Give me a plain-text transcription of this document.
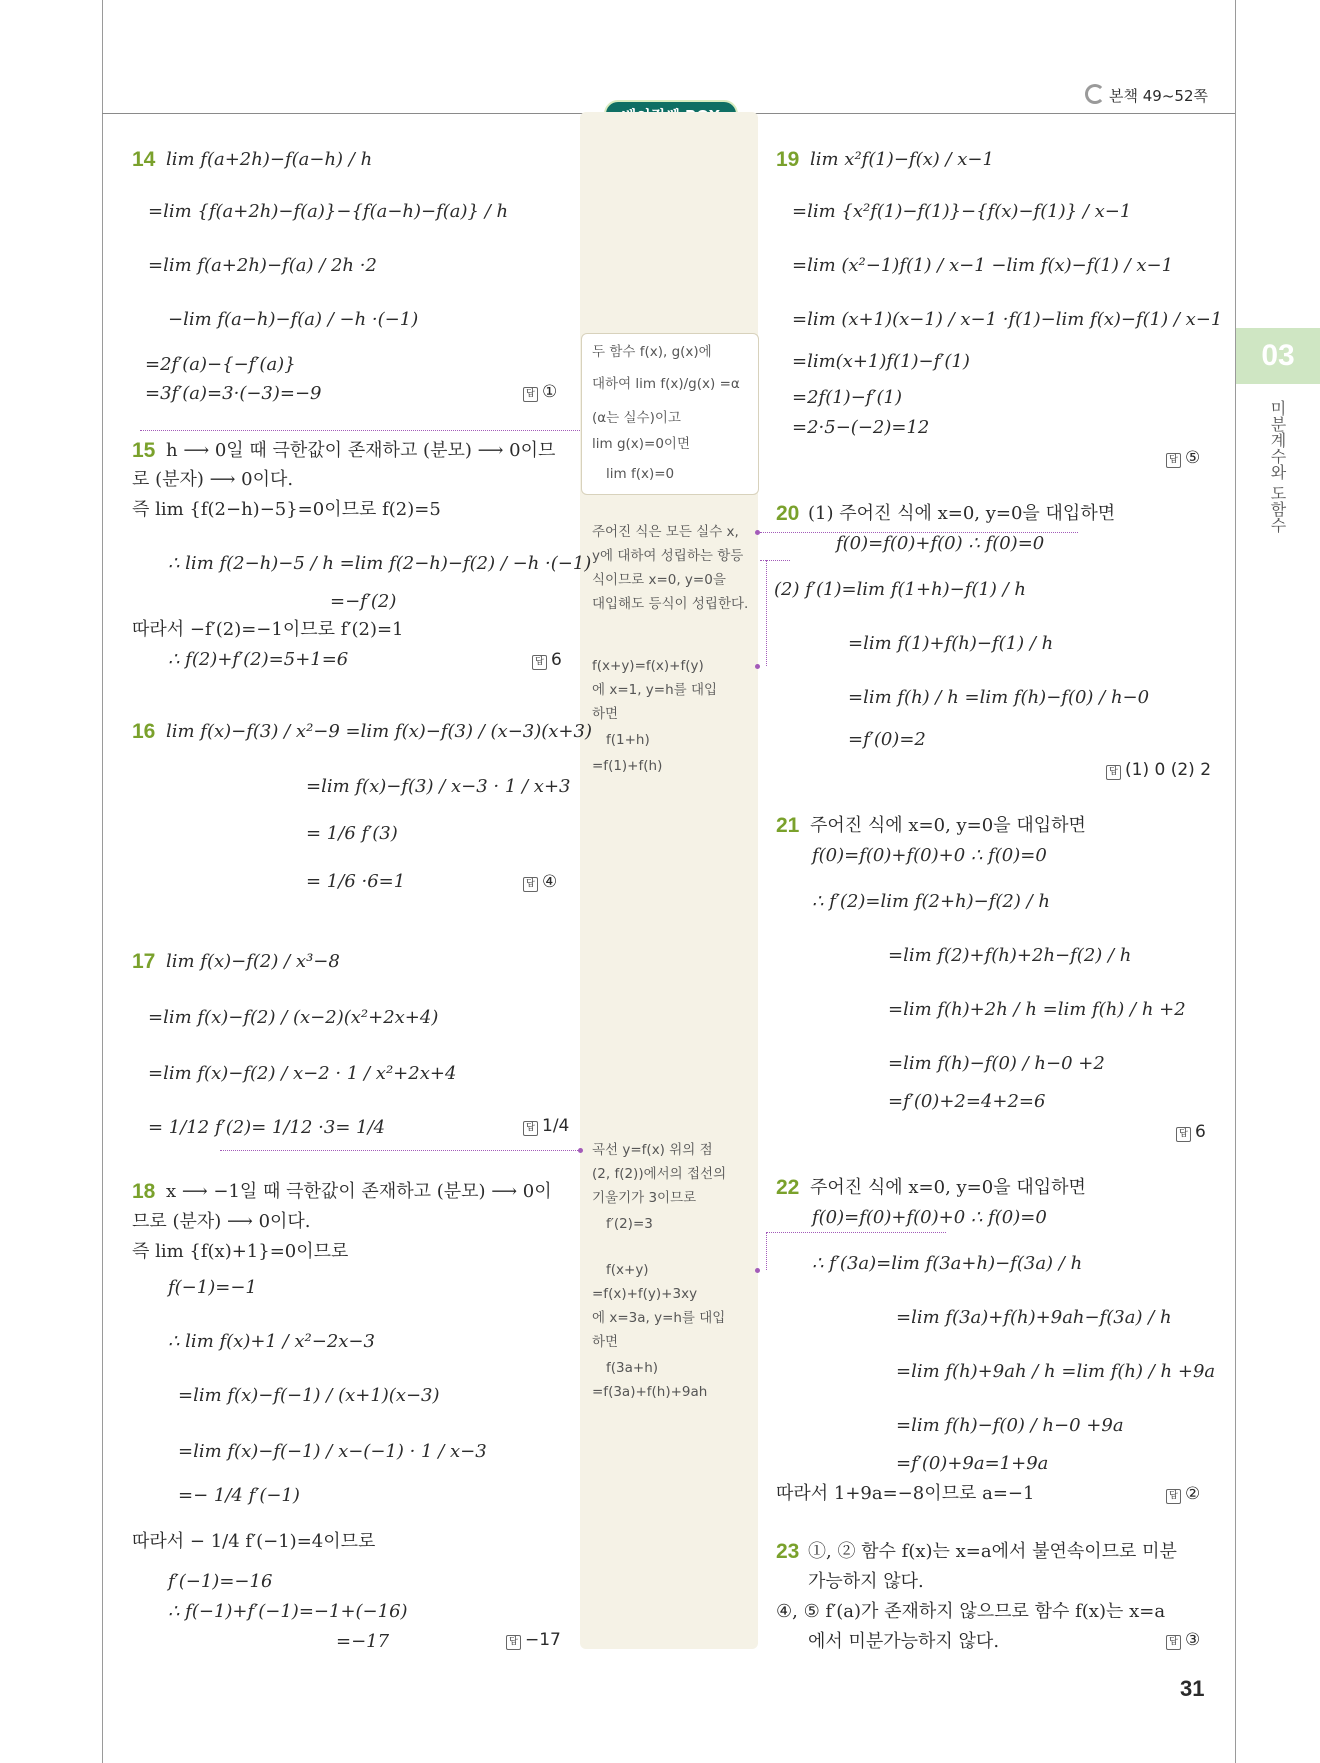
본책 49~52쪽
03
미분계수와 도함수
31
14 lim f(a+2h)−f(a−h) / h
=lim {f(a+2h)−f(a)}−{f(a−h)−f(a)} / h
=lim f(a+2h)−f(a) / 2h ·2
−lim f(a−h)−f(a) / −h ·(−1)
=2f′(a)−{−f′(a)}
=3f′(a)=3·(−3)=−9	답 ①
15 h ⟶ 0일 때 극한값이 존재하고 (분모) ⟶ 0이므
로 (분자) ⟶ 0이다.
즉 lim {f(2−h)−5}=0이므로 f(2)=5
∴ lim f(2−h)−5 / h =lim f(2−h)−f(2) / −h ·(−1)
=−f′(2)
따라서 −f′(2)=−1이므로 f′(2)=1
∴ f(2)+f′(2)=5+1=6	답 6
16 lim f(x)−f(3) / x²−9 =lim f(x)−f(3) / (x−3)(x+3)
=lim f(x)−f(3) / x−3 · 1 / x+3
= 1/6 f′(3)
= 1/6 ·6=1	답 ④
17 lim f(x)−f(2) / x³−8
=lim f(x)−f(2) / (x−2)(x²+2x+4)
=lim f(x)−f(2) / x−2 · 1 / x²+2x+4
= 1/12 f′(2)= 1/12 ·3= 1/4	답 1/4
18 x ⟶ −1일 때 극한값이 존재하고 (분모) ⟶ 0이
므로 (분자) ⟶ 0이다.
즉 lim {f(x)+1}=0이므로
f(−1)=−1
∴ lim f(x)+1 / x²−2x−3
=lim f(x)−f(−1) / (x+1)(x−3)
=lim f(x)−f(−1) / x−(−1) · 1 / x−3
=− 1/4 f′(−1)
따라서 − 1/4 f′(−1)=4이므로
f′(−1)=−16
∴ f(−1)+f′(−1)=−1+(−16)
=−17	답 −17
두 함수 f(x), g(x)에
대하여 lim f(x)/g(x) =α
(α는 실수)이고
lim g(x)=0이면
lim f(x)=0
주어진 식은 모든 실수 x,
y에 대하여 성립하는 항등
식이므로 x=0, y=0을
대입해도 등식이 성립한다.
f(x+y)=f(x)+f(y)
에 x=1, y=h를 대입
하면
f(1+h)
=f(1)+f(h)
곡선 y=f(x) 위의 점
(2, f(2))에서의 접선의
기울기가 3이므로
f′(2)=3
f(x+y)
=f(x)+f(y)+3xy
에 x=3a, y=h를 대입
하면
f(3a+h)
=f(3a)+f(h)+9ah
19 lim x²f(1)−f(x) / x−1
=lim {x²f(1)−f(1)}−{f(x)−f(1)} / x−1
=lim (x²−1)f(1) / x−1 −lim f(x)−f(1) / x−1
=lim (x+1)(x−1) / x−1 ·f(1)−lim f(x)−f(1) / x−1
=lim(x+1)f(1)−f′(1)
=2f(1)−f′(1)
=2·5−(−2)=12
답 ⑤
20 (1) 주어진 식에 x=0, y=0을 대입하면
f(0)=f(0)+f(0) ∴ f(0)=0
(2) f′(1)=lim f(1+h)−f(1) / h
=lim f(1)+f(h)−f(1) / h
=lim f(h) / h =lim f(h)−f(0) / h−0
=f′(0)=2
답 (1) 0 (2) 2
21 주어진 식에 x=0, y=0을 대입하면
f(0)=f(0)+f(0)+0 ∴ f(0)=0
∴ f′(2)=lim f(2+h)−f(2) / h
=lim f(2)+f(h)+2h−f(2) / h
=lim f(h)+2h / h =lim f(h) / h +2
=lim f(h)−f(0) / h−0 +2
=f′(0)+2=4+2=6
답 6
22 주어진 식에 x=0, y=0을 대입하면
f(0)=f(0)+f(0)+0 ∴ f(0)=0
∴ f′(3a)=lim f(3a+h)−f(3a) / h
=lim f(3a)+f(h)+9ah−f(3a) / h
=lim f(h)+9ah / h =lim f(h) / h +9a
=lim f(h)−f(0) / h−0 +9a
=f′(0)+9a=1+9a
따라서 1+9a=−8이므로 a=−1	답 ②
23 ①, ② 함수 f(x)는 x=a에서 불연속이므로 미분
가능하지 않다.
④, ⑤ f′(a)가 존재하지 않으므로 함수 f(x)는 x=a
에서 미분가능하지 않다.	답 ③
